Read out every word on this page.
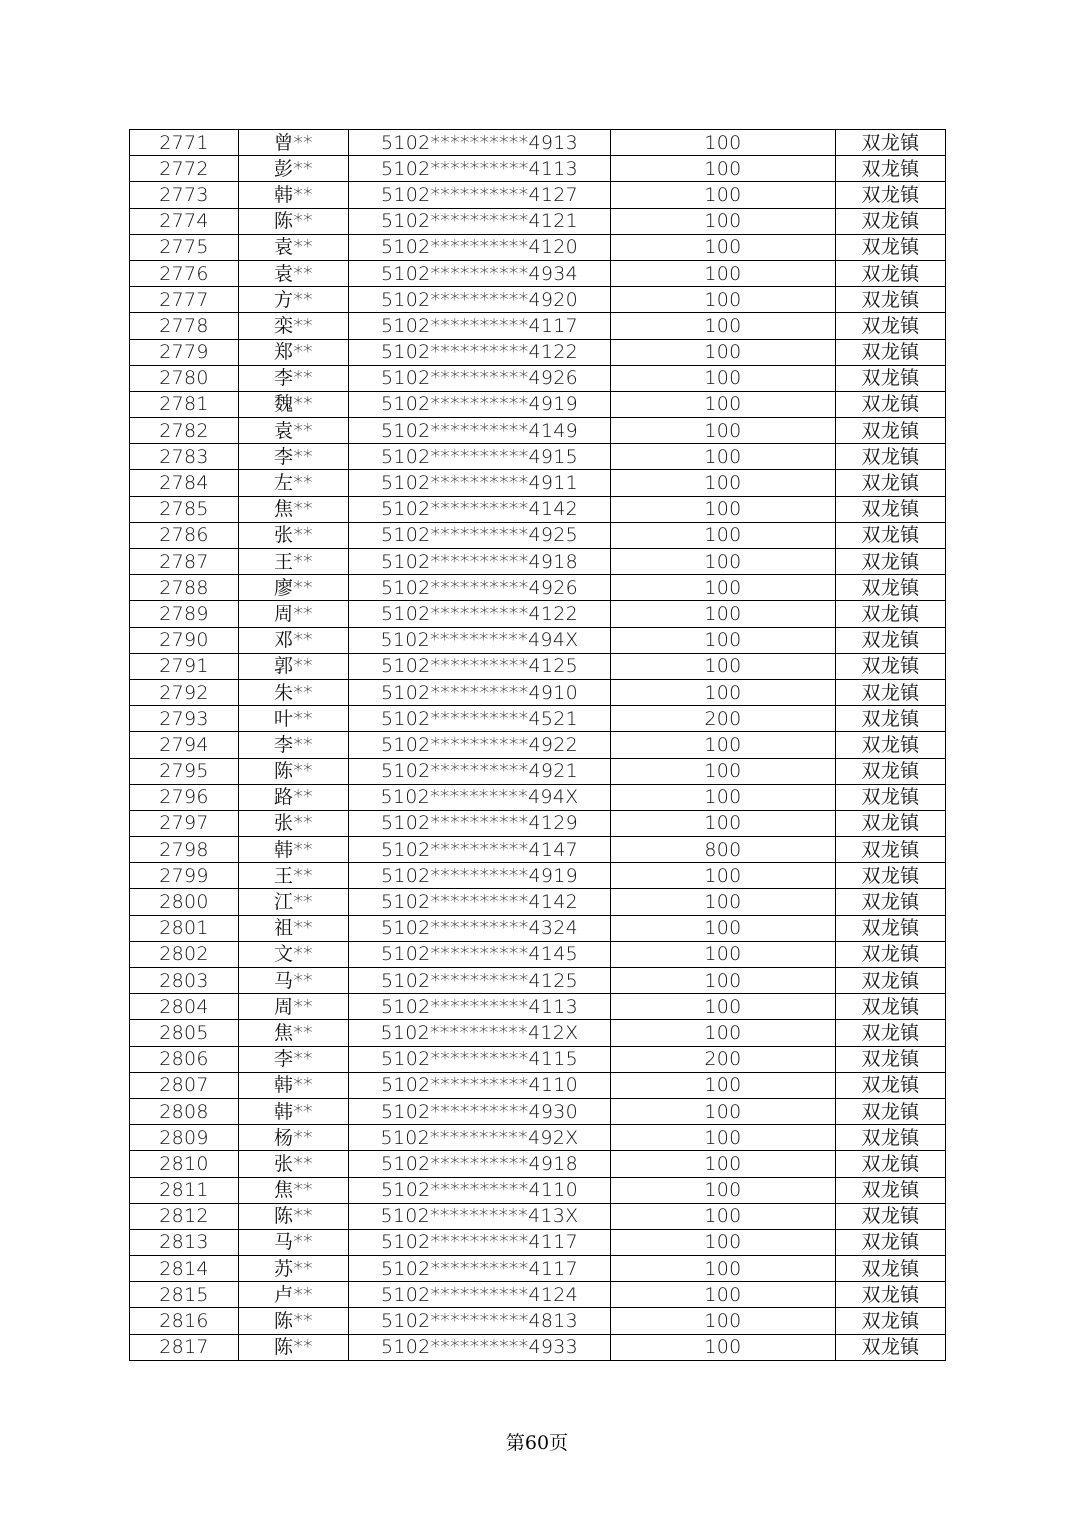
2771	曾**	5102**********4913	100	双龙镇
2772	彭**	5102**********4113	100	双龙镇
2773	韩**	5102**********4127	100	双龙镇
2774	陈**	5102**********4121	100	双龙镇
2775	袁**	5102**********4120	100	双龙镇
2776	袁**	5102**********4934	100	双龙镇
2777	方**	5102**********4920	100	双龙镇
2778	栾**	5102**********4117	100	双龙镇
2779	郑**	5102**********4122	100	双龙镇
2780	李**	5102**********4926	100	双龙镇
2781	魏**	5102**********4919	100	双龙镇
2782	袁**	5102**********4149	100	双龙镇
2783	李**	5102**********4915	100	双龙镇
2784	左**	5102**********4911	100	双龙镇
2785	焦**	5102**********4142	100	双龙镇
2786	张**	5102**********4925	100	双龙镇
2787	王**	5102**********4918	100	双龙镇
2788	廖**	5102**********4926	100	双龙镇
2789	周**	5102**********4122	100	双龙镇
2790	邓**	5102**********494X	100	双龙镇
2791	郭**	5102**********4125	100	双龙镇
2792	朱**	5102**********4910	100	双龙镇
2793	叶**	5102**********4521	200	双龙镇
2794	李**	5102**********4922	100	双龙镇
2795	陈**	5102**********4921	100	双龙镇
2796	路**	5102**********494X	100	双龙镇
2797	张**	5102**********4129	100	双龙镇
2798	韩**	5102**********4147	800	双龙镇
2799	王**	5102**********4919	100	双龙镇
2800	江**	5102**********4142	100	双龙镇
2801	祖**	5102**********4324	100	双龙镇
2802	文**	5102**********4145	100	双龙镇
2803	马**	5102**********4125	100	双龙镇
2804	周**	5102**********4113	100	双龙镇
2805	焦**	5102**********412X	100	双龙镇
2806	李**	5102**********4115	200	双龙镇
2807	韩**	5102**********4110	100	双龙镇
2808	韩**	5102**********4930	100	双龙镇
2809	杨**	5102**********492X	100	双龙镇
2810	张**	5102**********4918	100	双龙镇
2811	焦**	5102**********4110	100	双龙镇
2812	陈**	5102**********413X	100	双龙镇
2813	马**	5102**********4117	100	双龙镇
2814	苏**	5102**********4117	100	双龙镇
2815	卢**	5102**********4124	100	双龙镇
2816	陈**	5102**********4813	100	双龙镇
2817	陈**	5102**********4933	100	双龙镇
第60页
